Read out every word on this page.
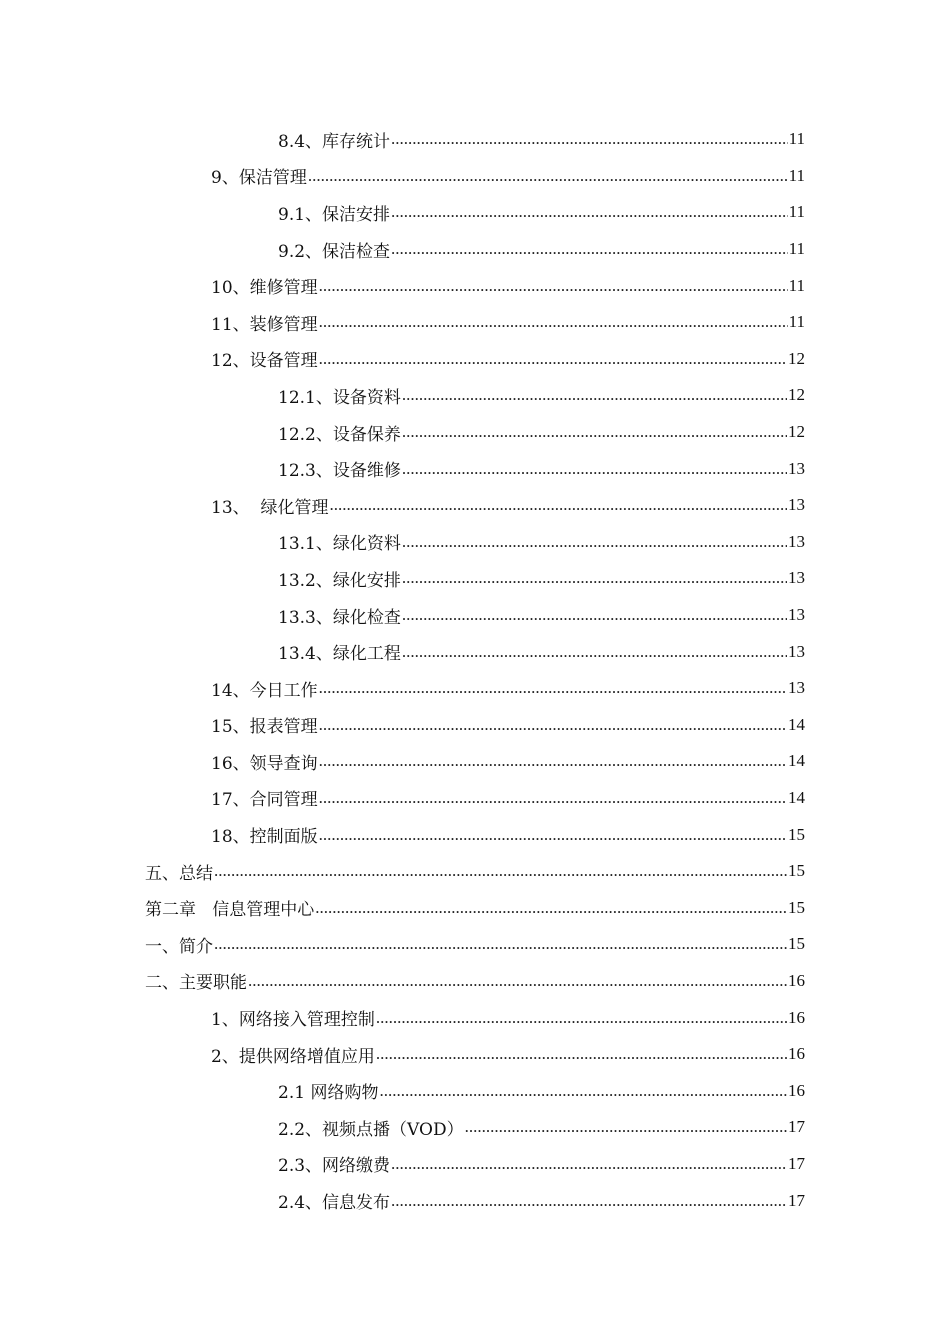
8.4、库存统计 .....	11
9、保洁管理 .....	11
9.1、保洁安排 .....	11
9.2、保洁检查 .....	11
10、维修管理 .....	11
11、装修管理 .....	11
12、设备管理 .....	12
12.1、设备资料 .....	12
12.2、设备保养 .....	12
12.3、设备维修 .....	13
13、  绿化管理 .....	13
13.1、绿化资料 .....	13
13.2、绿化安排 .....	13
13.3、绿化检查 .....	13
13.4、绿化工程 .....	13
14、今日工作 .....	13
15、报表管理 .....	14
16、领导查询 .....	14
17、合同管理 .....	14
18、控制面版 .....	15
五、总结 .....	15
第二章   信息管理中心 .....	15
一、简介 .....	15
二、主要职能 .....	16
1、网络接入管理控制 .....	16
2、提供网络增值应用 .....	16
2.1 网络购物 .....	16
2.2、视频点播（VOD） .....	17
2.3、网络缴费 .....	17
2.4、信息发布 .....	17
